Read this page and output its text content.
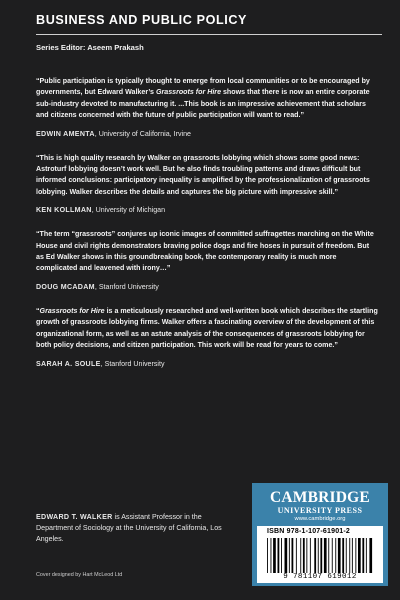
BUSINESS AND PUBLIC POLICY
Series Editor: Aseem Prakash

“Public participation is typically thought to emerge from local communities or to be encouraged by governments, but Edward Walker’s Grassroots for Hire shows that there is now an entire corporate sub-industry devoted to manufacturing it. ...This book is an impressive achievement that scholars and citizens concerned with the future of public participation will want to read.”

EDWIN AMENTA, University of California, Irvine

“This is high quality research by Walker on grassroots lobbying which shows some good news: Astroturf lobbying doesn’t work well. But he also finds troubling patterns and draws difficult but informed conclusions: participatory inequality is amplified by the professionalization of grassroots lobbying. Walker describes the details and captures the big picture with impressive skill.”

KEN KOLLMAN, University of Michigan

“The term “grassroots” conjures up iconic images of committed suffragettes marching on the White House and civil rights demonstrators braving police dogs and fire hoses in pursuit of freedom. But as Ed Walker shows in this groundbreaking book, the contemporary reality is much more complicated and leavened with irony…”

DOUG MCADAM, Stanford University

“Grassroots for Hire is a meticulously researched and well-written book which describes the startling growth of grassroots lobbying firms. Walker offers a fascinating overview of the development of this organizational form, as well as an astute analysis of the consequences of grassroots lobbying for both policy decisions, and citizen participation. This work will be read for years to come.”

SARAH A. SOULE, Stanford University
EDWARD T. WALKER is Assistant Professor in the Department of Sociology at the University of California, Los Angeles.
Cover designed by Hart McLeod Ltd
CAMBRIDGE
UNIVERSITY PRESS
www.cambridge.org
ISBN 978-1-107-61901-2
9 781107 619012
